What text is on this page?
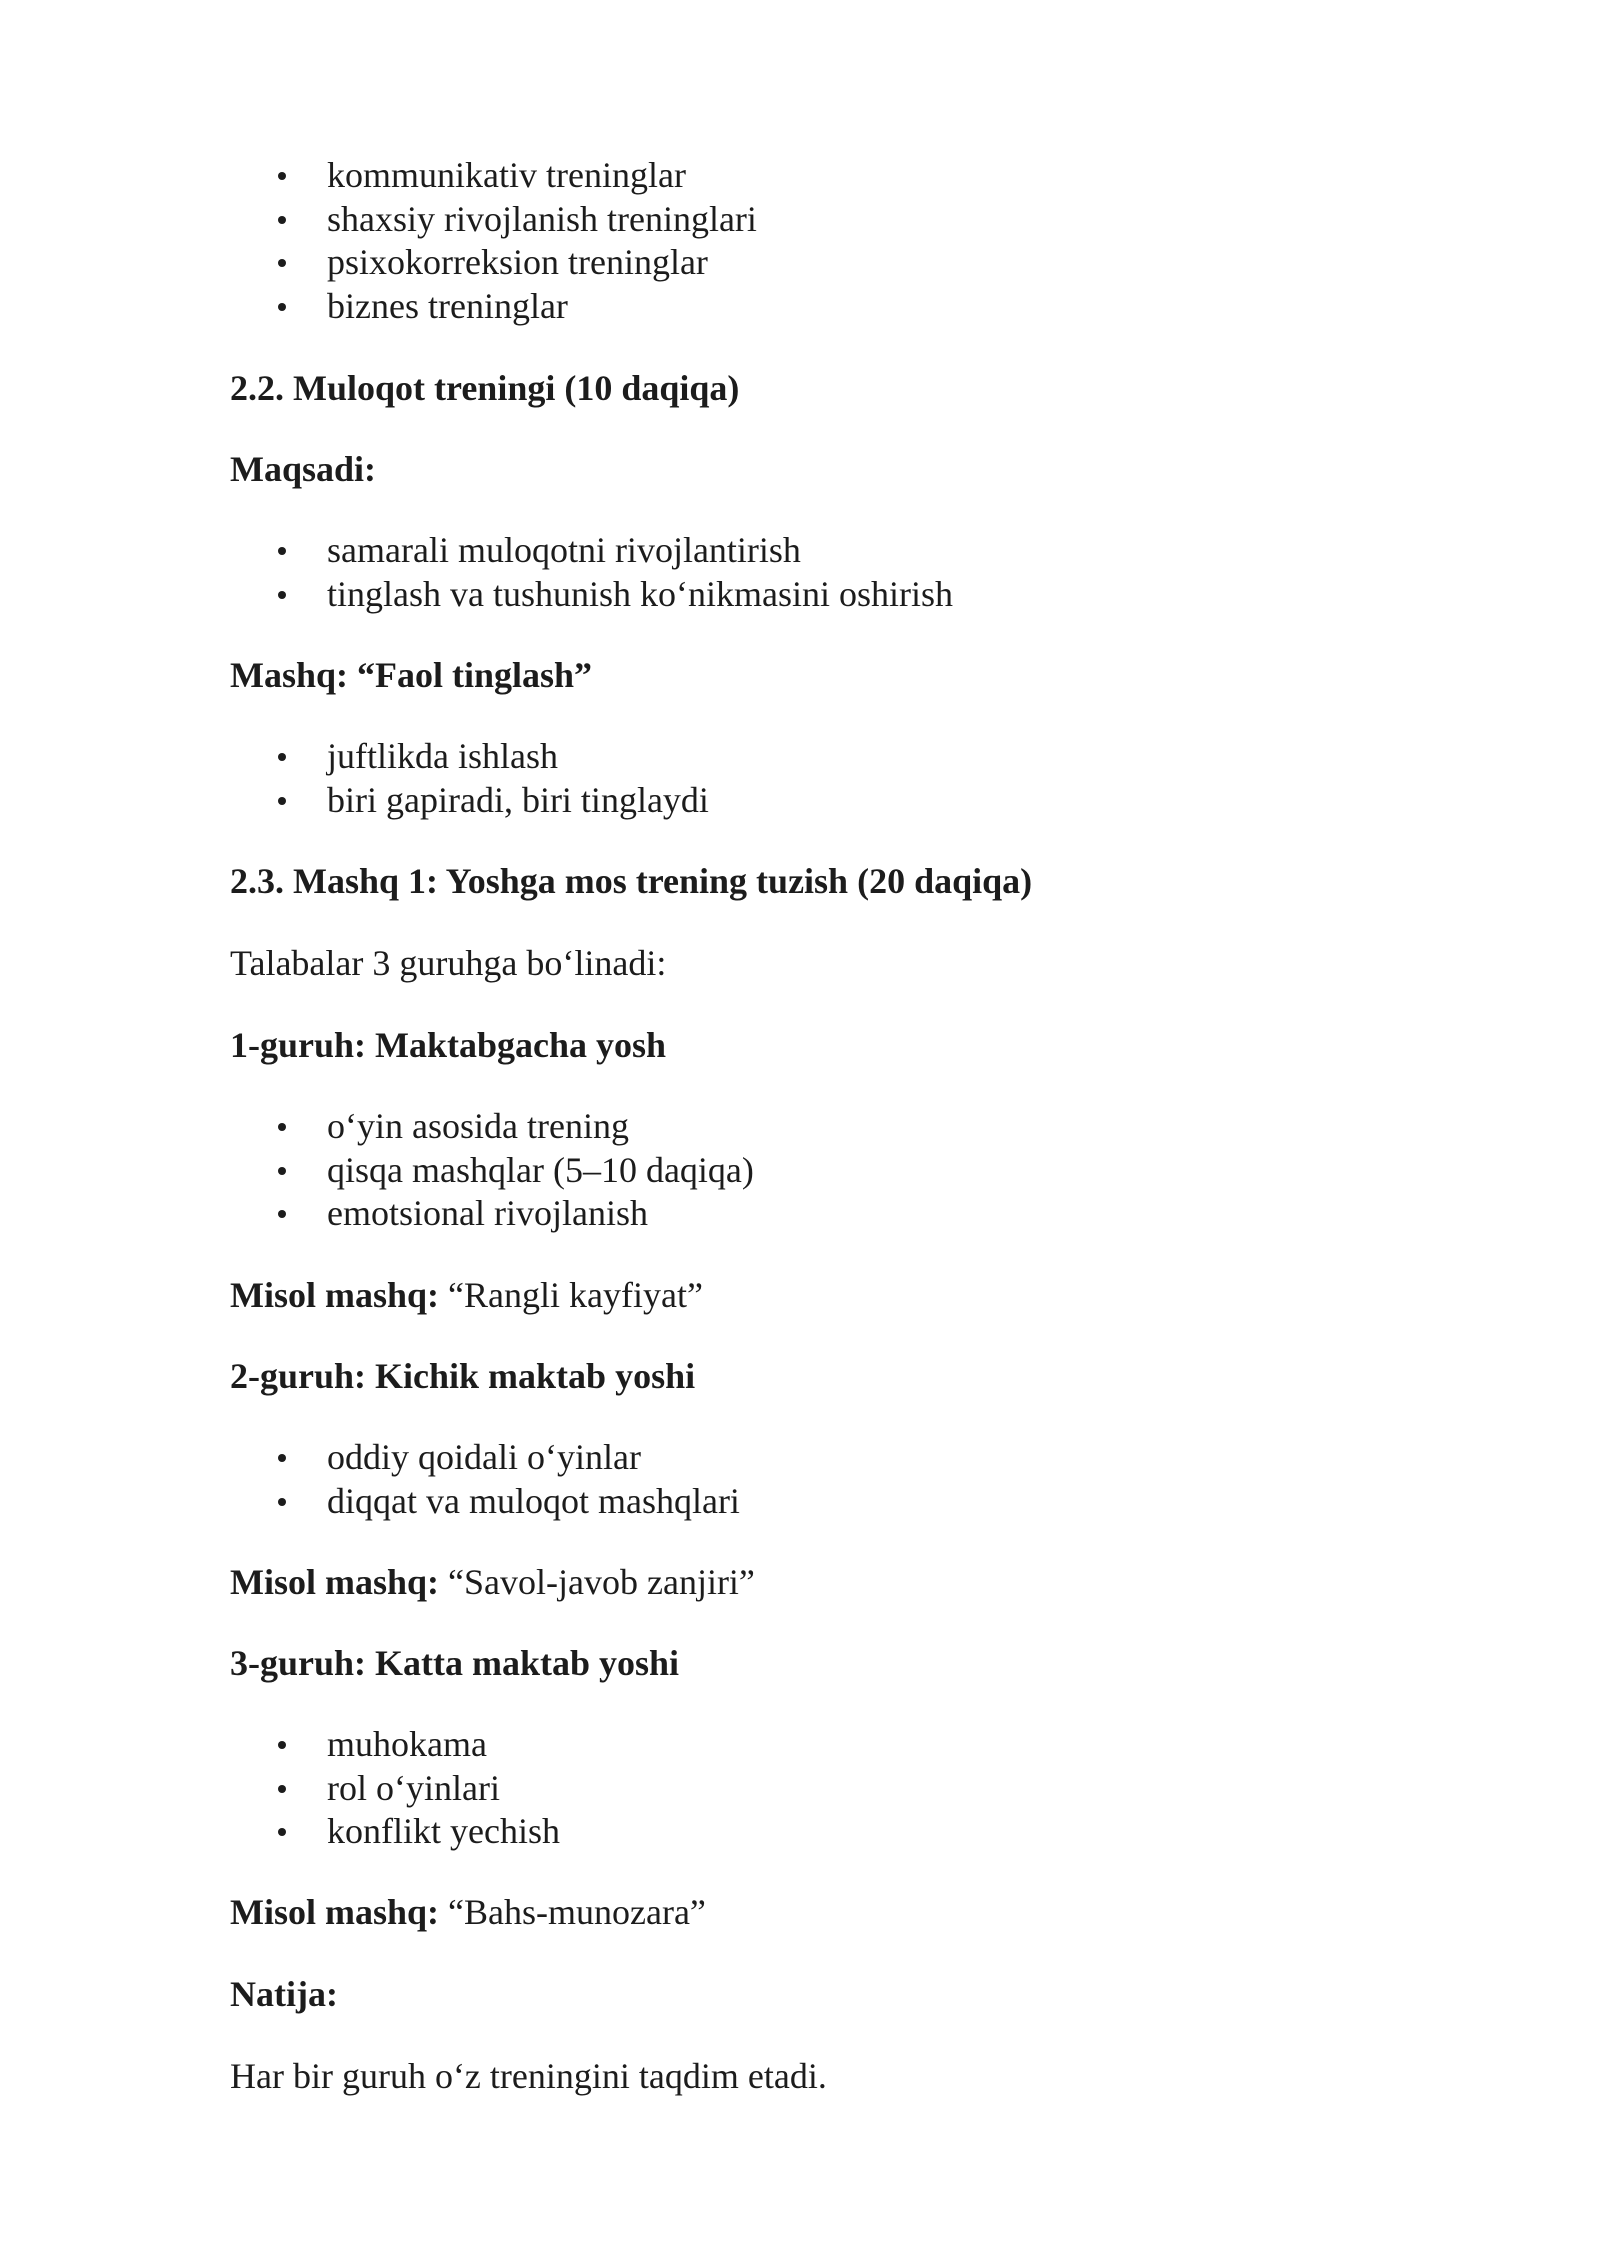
kommunikativ treninglar
shaxsiy rivojlanish treninglari
psixokorreksion treninglar
biznes treninglar
2.2. Muloqot treningi (10 daqiqa)
Maqsadi:
samarali muloqotni rivojlantirish
tinglash va tushunish ko‘nikmasini oshirish
Mashq: “Faol tinglash”
juftlikda ishlash
biri gapiradi, biri tinglaydi
2.3. Mashq 1: Yoshga mos trening tuzish (20 daqiqa)
Talabalar 3 guruhga bo‘linadi:
1-guruh: Maktabgacha yosh
o‘yin asosida trening
qisqa mashqlar (5–10 daqiqa)
emotsional rivojlanish
Misol mashq: “Rangli kayfiyat”
2-guruh: Kichik maktab yoshi
oddiy qoidali o‘yinlar
diqqat va muloqot mashqlari
Misol mashq: “Savol-javob zanjiri”
3-guruh: Katta maktab yoshi
muhokama
rol o‘yinlari
konflikt yechish
Misol mashq: “Bahs-munozara”
Natija:
Har bir guruh o‘z treningini taqdim etadi.
